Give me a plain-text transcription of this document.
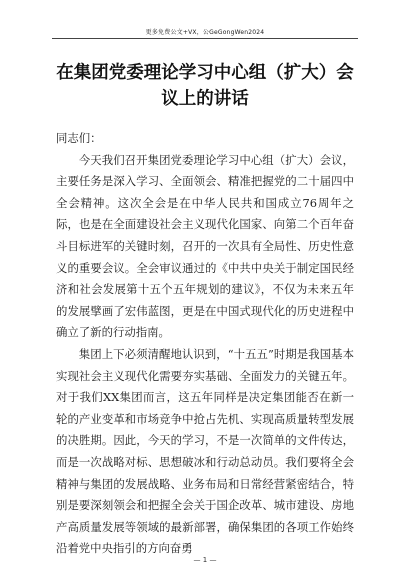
更多免费公文+VX，公GeGongWen2024
在集团党委理论学习中心组（扩大）会议上的讲话

同志们：

今天我们召开集团党委理论学习中心组（扩大）会议，主要任务是深入学习、全面领会、精准把握党的二十届四中全会精神。这次全会是在中华人民共和国成立76周年之际，也是在全面建设社会主义现代化国家、向第二个百年奋斗目标进军的关键时刻，召开的一次具有全局性、历史性意义的重要会议。全会审议通过的《中共中央关于制定国民经济和社会发展第十五个五年规划的建议》，不仅为未来五年的发展擘画了宏伟蓝图，更是在中国式现代化的历史进程中确立了新的行动指南。

集团上下必须清醒地认识到，“十五五”时期是我国基本实现社会主义现代化需要夯实基础、全面发力的关键五年。对于我们XX集团而言，这五年同样是决定集团能否在新一轮的产业变革和市场竞争中抢占先机、实现高质量转型发展的决胜期。因此，今天的学习，不是一次简单的文件传达，而是一次战略对标、思想破冰和行动总动员。我们要将全会精神与集团的发展战略、业务布局和日常经营紧密结合，特别是要深刻领会和把握全会关于国企改革、城市建设、房地产高质量发展等领域的最新部署，确保集团的各项工作始终沿着党中央指引的方向奋勇

— 1 —
